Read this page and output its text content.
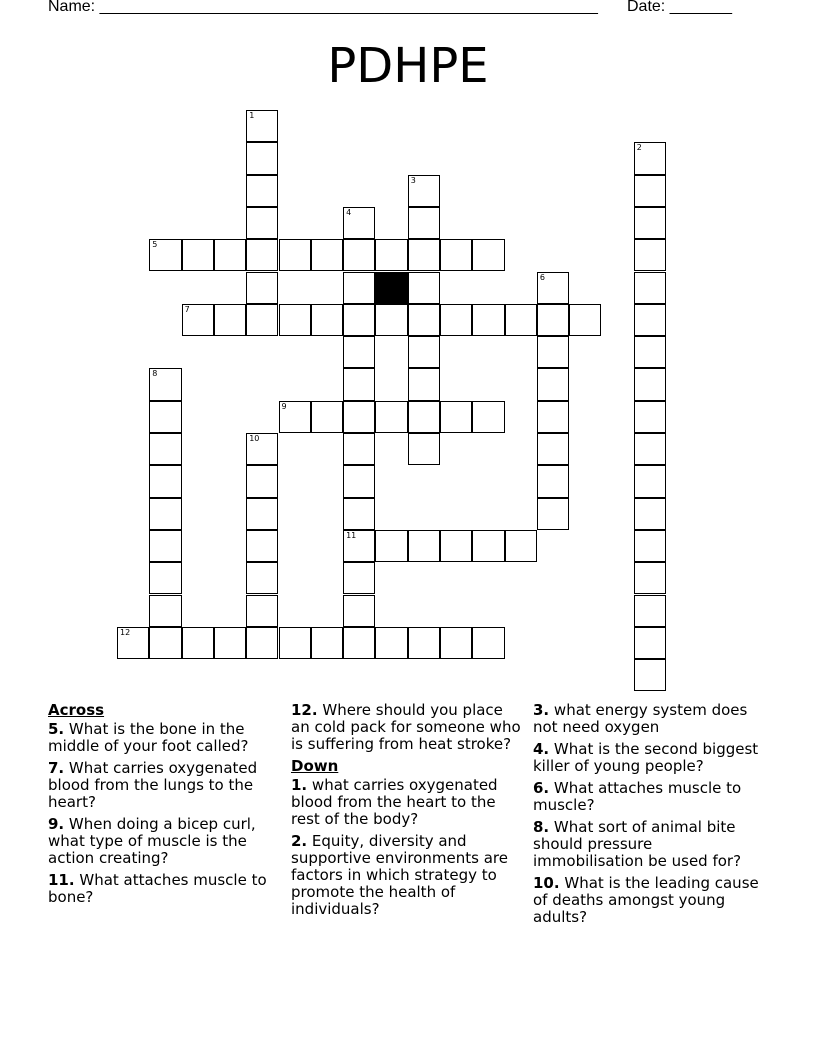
Name: ________________________________________________________ Date: _______
PDHPE
1
2
3
4
11
5
6
7
8
9
10
12
Across
5. What is the bone in the middle of your foot called?
7. What carries oxygenated blood from the lungs to the heart?
9. When doing a bicep curl, what type of muscle is the action creating?
11. What attaches muscle to bone?
12. Where should you place an cold pack for someone who is suffering from heat stroke?
Down
1. what carries oxygenated blood from the heart to the rest of the body?
2. Equity, diversity and supportive environments are factors in which strategy to promote the health of individuals?
3. what energy system does not need oxygen
4. What is the second biggest killer of young people?
6. What attaches muscle to muscle?
8. What sort of animal bite should pressure immobilisation be used for?
10. What is the leading cause of deaths amongst young adults?
